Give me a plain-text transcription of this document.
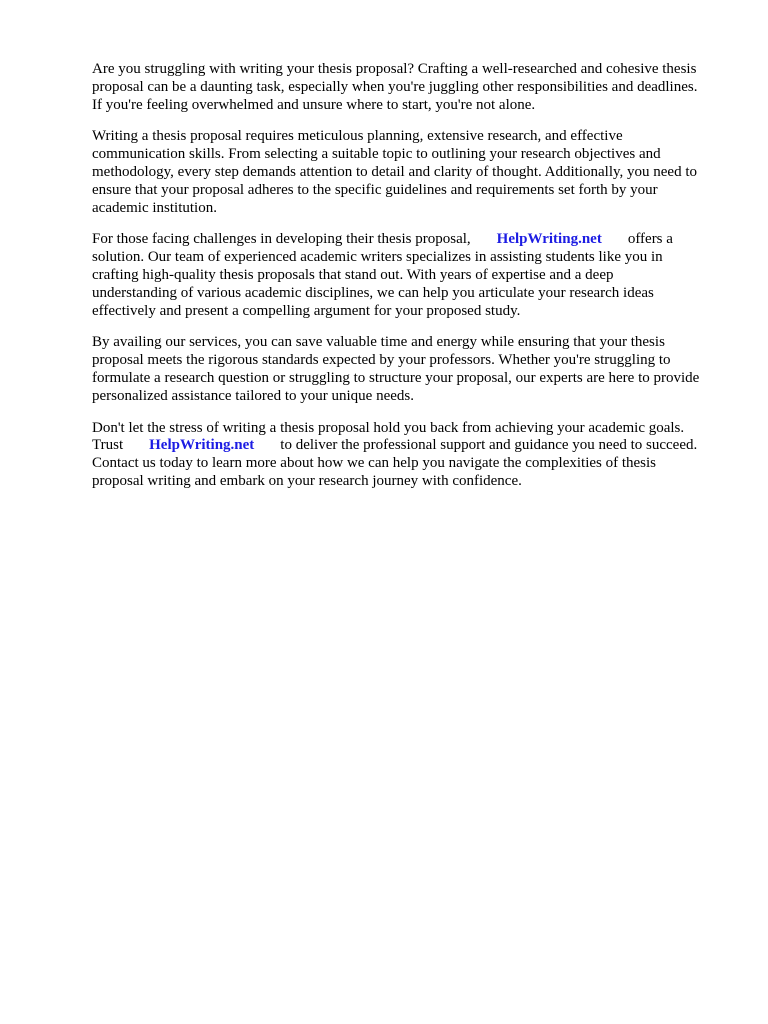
Are you struggling with writing your thesis proposal? Crafting a well-researched and cohesive thesis
proposal can be a daunting task, especially when you're juggling other responsibilities and deadlines.
If you're feeling overwhelmed and unsure where to start, you're not alone.

Writing a thesis proposal requires meticulous planning, extensive research, and effective
communication skills. From selecting a suitable topic to outlining your research objectives and
methodology, every step demands attention to detail and clarity of thought. Additionally, you need to
ensure that your proposal adheres to the specific guidelines and requirements set forth by your
academic institution.

For those facing challenges in developing their thesis proposal, HelpWriting.net offers a
solution. Our team of experienced academic writers specializes in assisting students like you in
crafting high-quality thesis proposals that stand out. With years of expertise and a deep
understanding of various academic disciplines, we can help you articulate your research ideas
effectively and present a compelling argument for your proposed study.

By availing our services, you can save valuable time and energy while ensuring that your thesis
proposal meets the rigorous standards expected by your professors. Whether you're struggling to
formulate a research question or struggling to structure your proposal, our experts are here to provide
personalized assistance tailored to your unique needs.

Don't let the stress of writing a thesis proposal hold you back from achieving your academic goals.
Trust HelpWriting.net to deliver the professional support and guidance you need to succeed.
Contact us today to learn more about how we can help you navigate the complexities of thesis
proposal writing and embark on your research journey with confidence.
